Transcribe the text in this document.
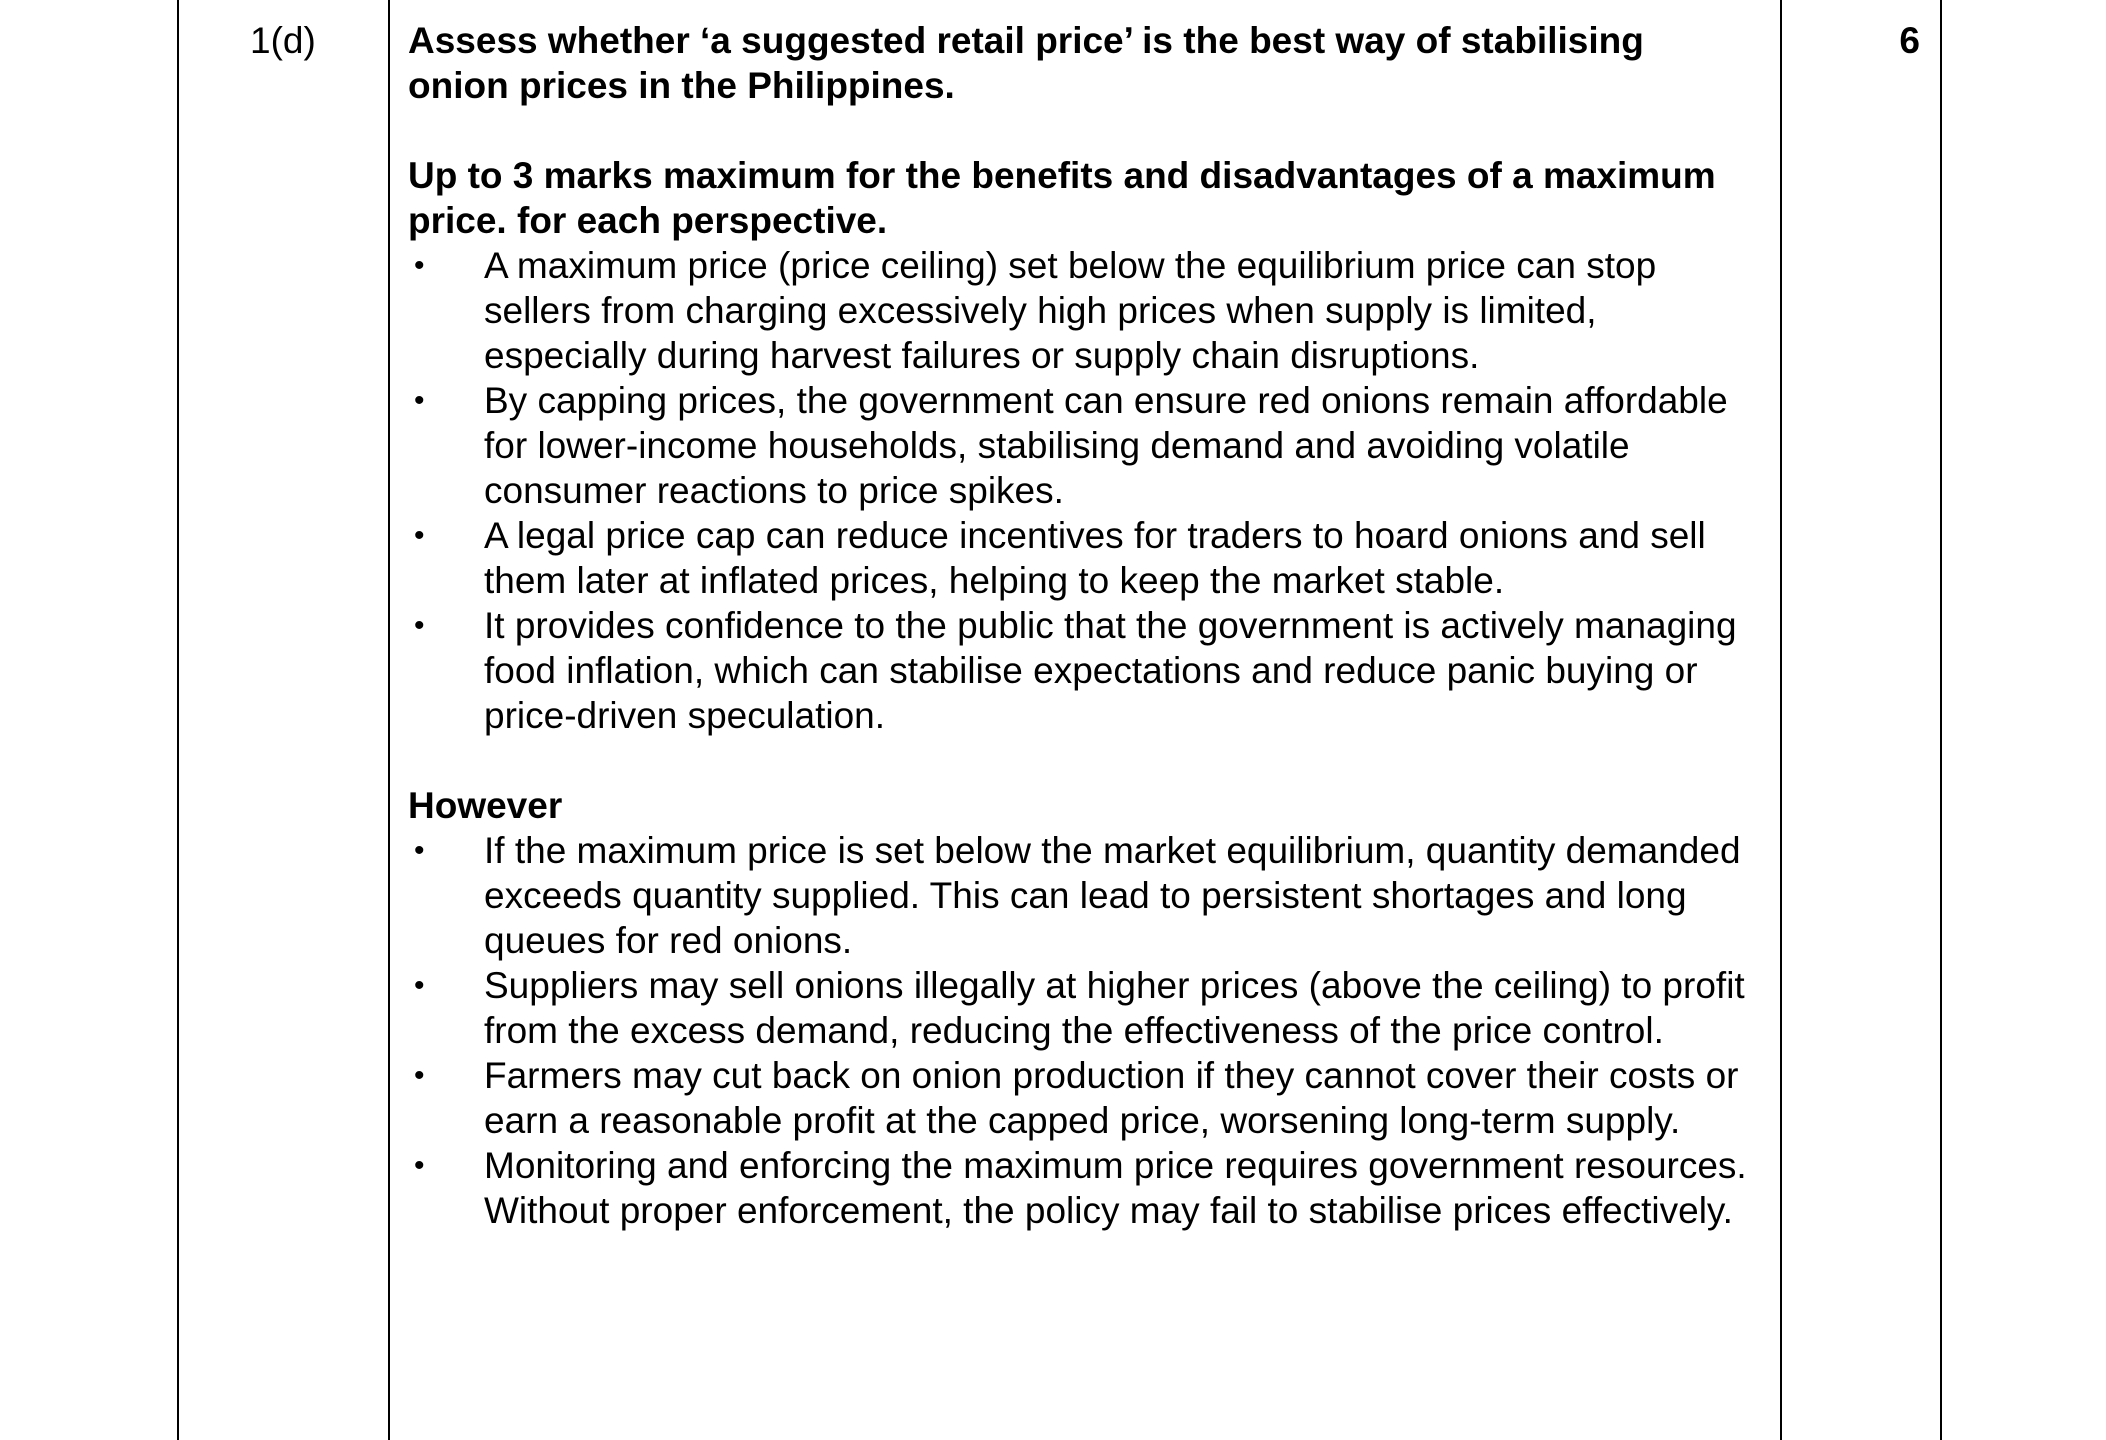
1(d)	6

Assess whether ‘a suggested retail price’ is the best way of stabilising onion prices in the Philippines.

Up to 3 marks maximum for the benefits and disadvantages of a maximum price. for each perspective.

• A maximum price (price ceiling) set below the equilibrium price can stop sellers from charging excessively high prices when supply is limited, especially during harvest failures or supply chain disruptions.
• By capping prices, the government can ensure red onions remain affordable for lower-income households, stabilising demand and avoiding volatile consumer reactions to price spikes.
• A legal price cap can reduce incentives for traders to hoard onions and sell them later at inflated prices, helping to keep the market stable.
• It provides confidence to the public that the government is actively managing food inflation, which can stabilise expectations and reduce panic buying or price-driven speculation.

However

• If the maximum price is set below the market equilibrium, quantity demanded exceeds quantity supplied. This can lead to persistent shortages and long queues for red onions.
• Suppliers may sell onions illegally at higher prices (above the ceiling) to profit from the excess demand, reducing the effectiveness of the price control.
• Farmers may cut back on onion production if they cannot cover their costs or earn a reasonable profit at the capped price, worsening long-term supply.
• Monitoring and enforcing the maximum price requires government resources. Without proper enforcement, the policy may fail to stabilise prices effectively.
